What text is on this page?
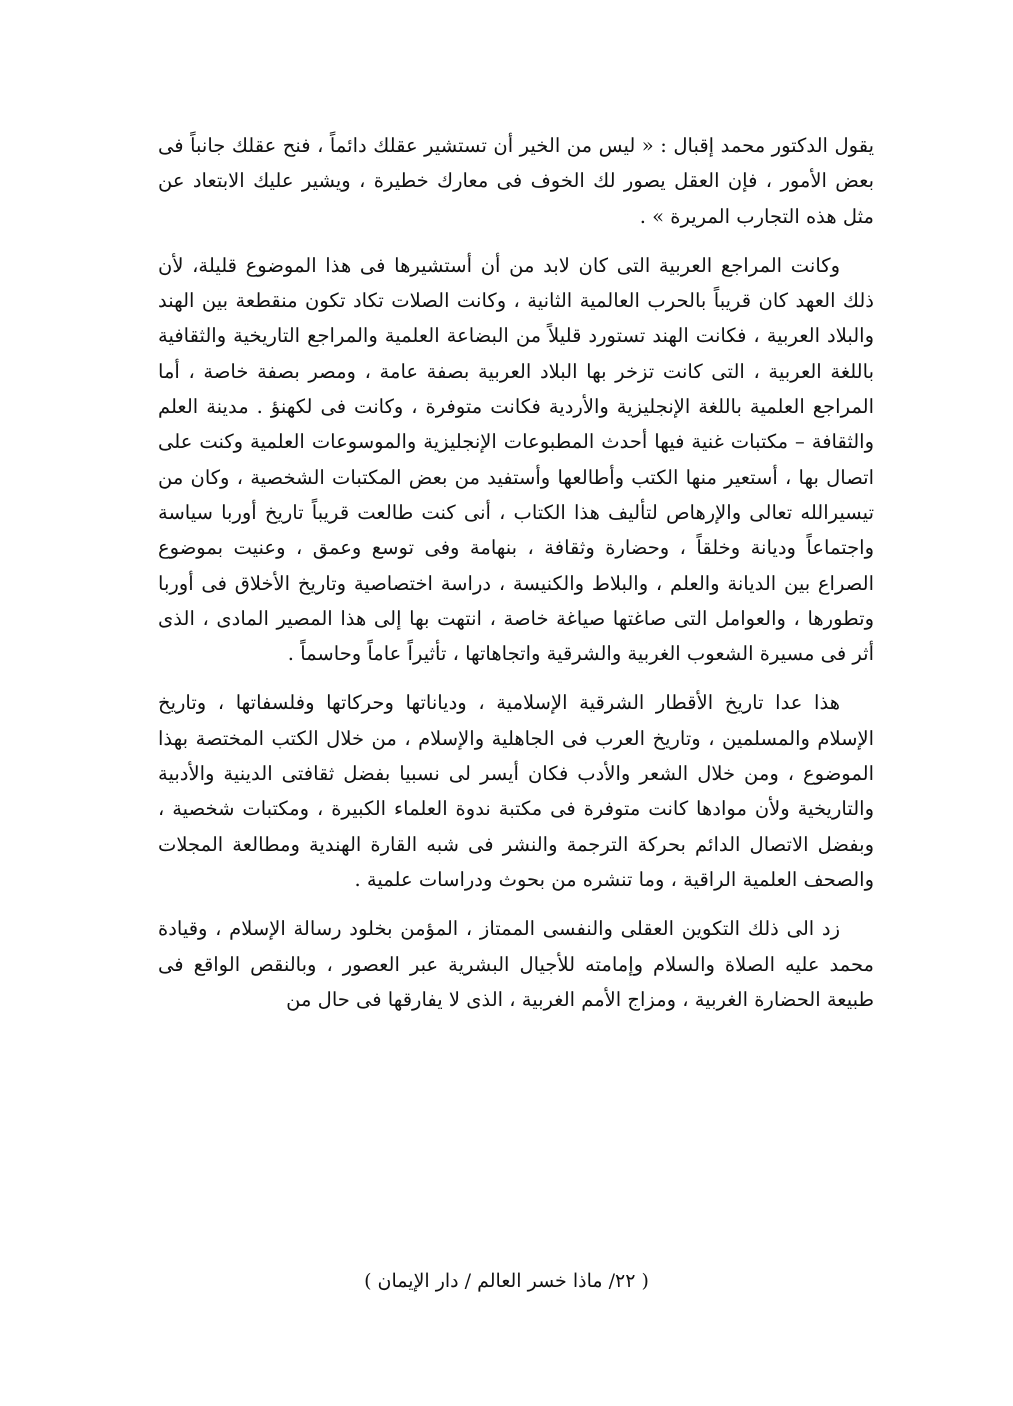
يقول الدكتور محمد إقبال : « ليس من الخير أن تستشير عقلك دائماً ، فنح عقلك جانباً فى بعض الأمور ، فإن العقل يصور لك الخوف فى معارك خطيرة ، ويشير عليك الابتعاد عن مثل هذه التجارب المريرة » .

وكانت المراجع العربية التى كان لابد من أن أستشيرها فى هذا الموضوع قليلة، لأن ذلك العهد كان قريباً بالحرب العالمية الثانية ، وكانت الصلات تكاد تكون منقطعة بين الهند والبلاد العربية ، فكانت الهند تستورد قليلاً من البضاعة العلمية والمراجع التاريخية والثقافية باللغة العربية ، التى كانت تزخر بها البلاد العربية بصفة عامة ، ومصر بصفة خاصة ، أما المراجع العلمية باللغة الإنجليزية والأردية فكانت متوفرة ، وكانت فى لكهنؤ . مدينة العلم والثقافة – مكتبات غنية فيها أحدث المطبوعات الإنجليزية والموسوعات العلمية وكنت على اتصال بها ، أستعير منها الكتب وأطالعها وأستفيد من بعض المكتبات الشخصية ، وكان من تيسيرالله تعالى والإرهاص لتأليف هذا الكتاب ، أنى كنت طالعت قريباً تاريخ أوربا سياسة واجتماعاً وديانة وخلقاً ، وحضارة وثقافة ، بنهامة وفى توسع وعمق ، وعنيت بموضوع الصراع بين الديانة والعلم ، والبلاط والكنيسة ، دراسة اختصاصية وتاريخ الأخلاق فى أوربا وتطورها ، والعوامل التى صاغتها صياغة خاصة ، انتهت بها إلى هذا المصير المادى ، الذى أثر فى مسيرة الشعوب الغربية والشرقية واتجاهاتها ، تأثيراً عاماً وحاسماً .

هذا عدا تاريخ الأقطار الشرقية الإسلامية ، ودياناتها وحركاتها وفلسفاتها ، وتاريخ الإسلام والمسلمين ، وتاريخ العرب فى الجاهلية والإسلام ، من خلال الكتب المختصة بهذا الموضوع ، ومن خلال الشعر والأدب فكان أيسر لى نسبيا بفضل ثقافتى الدينية والأدبية والتاريخية ولأن موادها كانت متوفرة فى مكتبة ندوة العلماء الكبيرة ، ومكتبات شخصية ، وبفضل الاتصال الدائم بحركة الترجمة والنشر فى شبه القارة الهندية ومطالعة المجلات والصحف العلمية الراقية ، وما تنشره من بحوث ودراسات علمية .

زد الى ذلك التكوين العقلى والنفسى الممتاز ، المؤمن بخلود رسالة الإسلام ، وقيادة محمد عليه الصلاة والسلام وإمامته للأجيال البشرية عبر العصور ، وبالنقص الواقع فى طبيعة الحضارة الغربية ، ومزاج الأمم الغربية ، الذى لا يفارقها فى حال من

( ٢٢/ ماذا خسر العالم / دار الإيمان )
